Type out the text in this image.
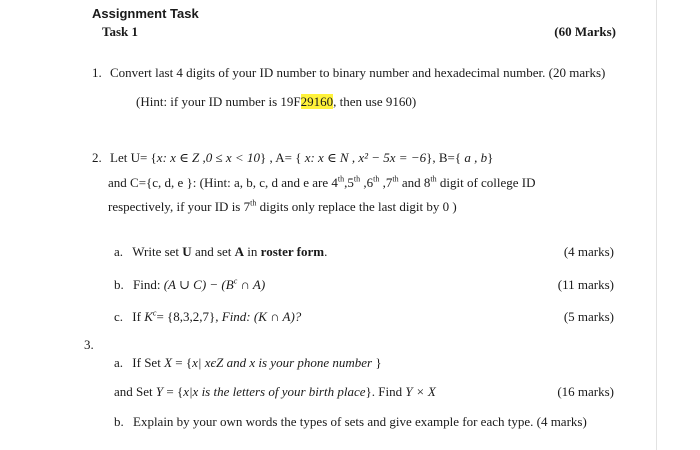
Assignment Task
Task 1	(60 Marks)
1. Convert last 4 digits of your ID number to binary number and hexadecimal number. (20 marks)
(Hint: if your ID number is 19F29160, then use 9160)
2. Let U= {x: x ∈ Z ,0 ≤ x < 10} , A= { x: x ∈ N , x² − 5x = −6}, B={ a , b}
and C={c, d, e }: (Hint: a, b, c, d and e are 4th,5th ,6th ,7th and 8th digit of college ID
respectively, if your ID is 7th digits only replace the last digit by 0 )
a. Write set U and set A in roster form.	(4 marks)
b. Find: (A ∪ $C) - (B^c$ ∩ A)	(11 marks)
c. If $K^c= \{8,3,2,7\}$, Find: (K ∩ A)?	(5 marks)
3.
a. If Set X = {x| xєZ and x is your phone number }
and Set Y = {x|x is the letters of your birth place}. Find Y × X	(16 marks)
b. Explain by your own words the types of sets and give example for each type. (4 marks)
